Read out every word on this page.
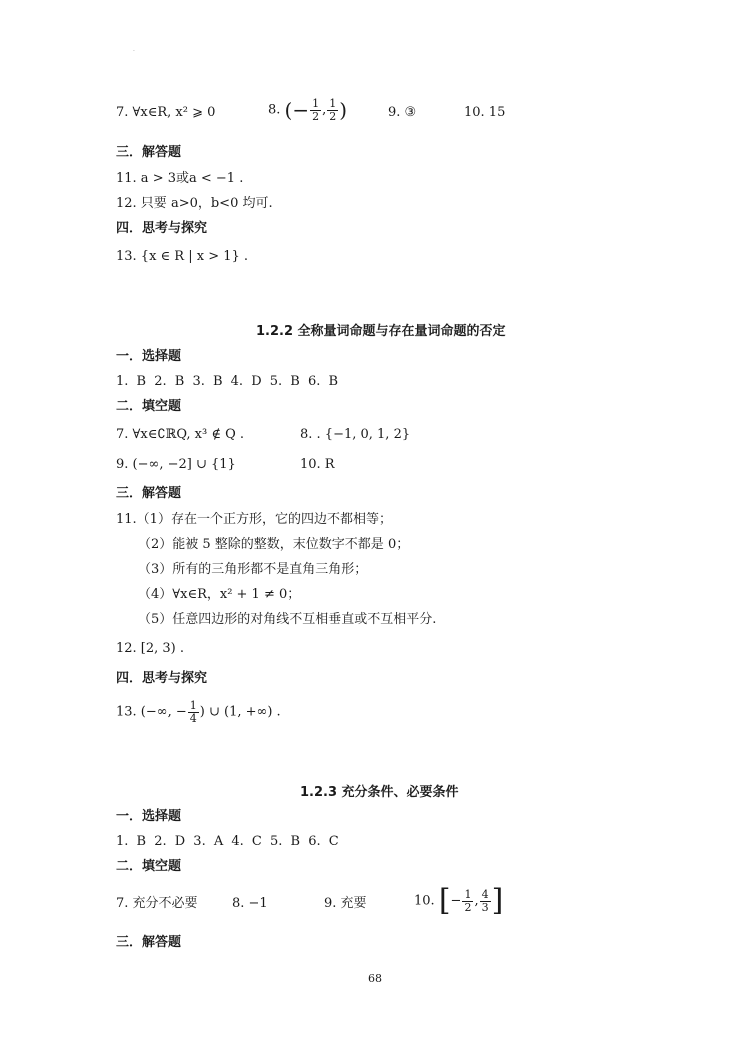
·
7. ∀x∈R, x² ⩾ 0	8. (− $\frac{1}{2}$ , $\frac{1}{2}$ )	9. ③	10. 15
三．解答题
11. a > 3或a < −1 .
12. 只要 a>0，b<0 均可.
四．思考与探究
13. {x ∈ R | x > 1} .
1.2.2 全称量词命题与存在量词命题的否定
一．选择题
1. B 2. B 3. B 4. D 5. B 6. B
二．填空题
7. ∀x∈∁ℝQ, x³ ∉ Q .	8. . {−1, 0, 1, 2}
9. (−∞, −2] ∪ {1}	10. R
三．解答题
11.（1）存在一个正方形，它的四边不都相等；
（2）能被 5 整除的整数，末位数字不都是 0；
（3）所有的三角形都不是直角三角形；
（4）∀x∈R，x² + 1 ≠ 0；
（5）任意四边形的对角线不互相垂直或不互相平分.
12. [2, 3) .
四．思考与探究
13. (−∞, − $\frac{1}{4}$ ) ∪ (1, +∞) .
1.2.3 充分条件、必要条件
一．选择题
1. B 2. D 3. A 4. C 5. B 6. C
二．填空题
7. 充分不必要	8. −1	9. 充要	10. [− $\frac{1}{2}$ , $\frac{4}{3}$ ]
三．解答题
68
